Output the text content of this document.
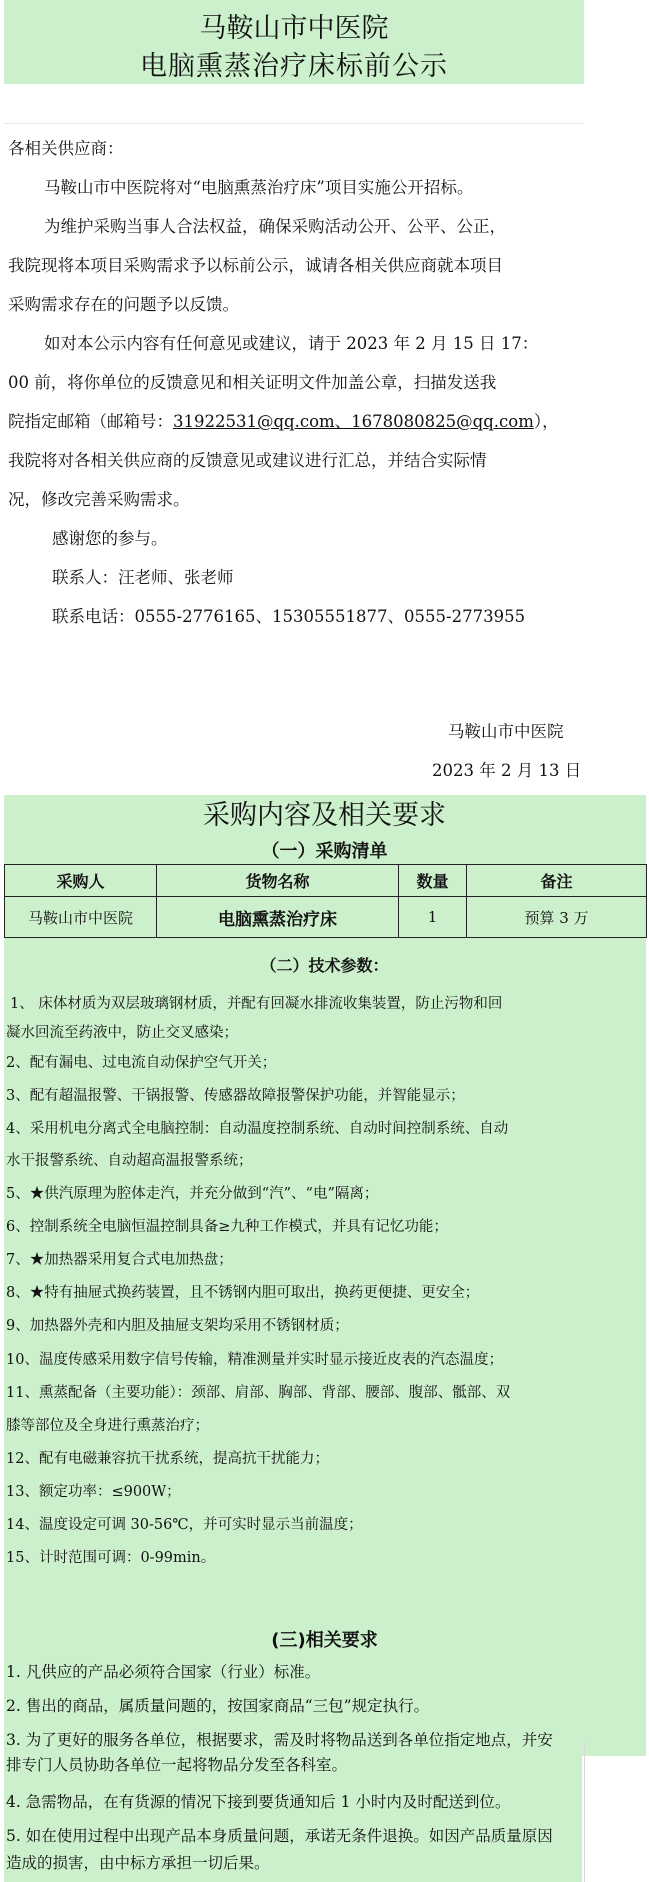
马鞍山市中医院
电脑熏蒸治疗床标前公示
各相关供应商：
马鞍山市中医院将对“电脑熏蒸治疗床”项目实施公开招标。
为维护采购当事人合法权益，确保采购活动公开、公平、公正，
我院现将本项目采购需求予以标前公示，诚请各相关供应商就本项目
采购需求存在的问题予以反馈。
如对本公示内容有任何意见或建议，请于 2023 年 2 月 15 日 17：
00 前，将你单位的反馈意见和相关证明文件加盖公章，扫描发送我
院指定邮箱（邮箱号：31922531@qq.com、1678080825@qq.com），
我院将对各相关供应商的反馈意见或建议进行汇总，并结合实际情
况，修改完善采购需求。
感谢您的参与。
联系人：汪老师、张老师
联系电话：0555-2776165、15305551877、0555-2773955
马鞍山市中医院
2023 年 2 月 13 日
采购内容及相关要求
（一）采购清单
采购人	货物名称	数量	备注
马鞍山市中医院	电脑熏蒸治疗床	1	预算 3 万
（二）技术参数：
1、 床体材质为双层玻璃钢材质，并配有回凝水排流收集装置，防止污物和回
凝水回流至药液中，防止交叉感染；
2、配有漏电、过电流自动保护空气开关；
3、配有超温报警、干锅报警、传感器故障报警保护功能，并智能显示；
4、采用机电分离式全电脑控制：自动温度控制系统、自动时间控制系统、自动
水干报警系统、自动超高温报警系统；
5、★供汽原理为腔体走汽，并充分做到“汽”、“电”隔离；
6、控制系统全电脑恒温控制具备≥九种工作模式，并具有记忆功能；
7、★加热器采用复合式电加热盘；
8、★特有抽屉式换药装置，且不锈钢内胆可取出，换药更便捷、更安全；
9、加热器外壳和内胆及抽屉支架均采用不锈钢材质；
10、温度传感采用数字信号传输，精准测量并实时显示接近皮表的汽态温度；
11、熏蒸配备（主要功能）：颈部、肩部、胸部、背部、腰部、腹部、骶部、双
膝等部位及全身进行熏蒸治疗；
12、配有电磁兼容抗干扰系统，提高抗干扰能力；
13、额定功率：≤900W；
14、温度设定可调 30-56℃，并可实时显示当前温度；
15、计时范围可调：0-99min。
(三)相关要求
1. 凡供应的产品必须符合国家（行业）标准。
2. 售出的商品，属质量问题的，按国家商品“三包”规定执行。
3. 为了更好的服务各单位，根据要求，需及时将物品送到各单位指定地点，并安
排专门人员协助各单位一起将物品分发至各科室。
4. 急需物品，在有货源的情况下接到要货通知后 1 小时内及时配送到位。
5. 如在使用过程中出现产品本身质量问题，承诺无条件退换。如因产品质量原因
造成的损害，由中标方承担一切后果。
